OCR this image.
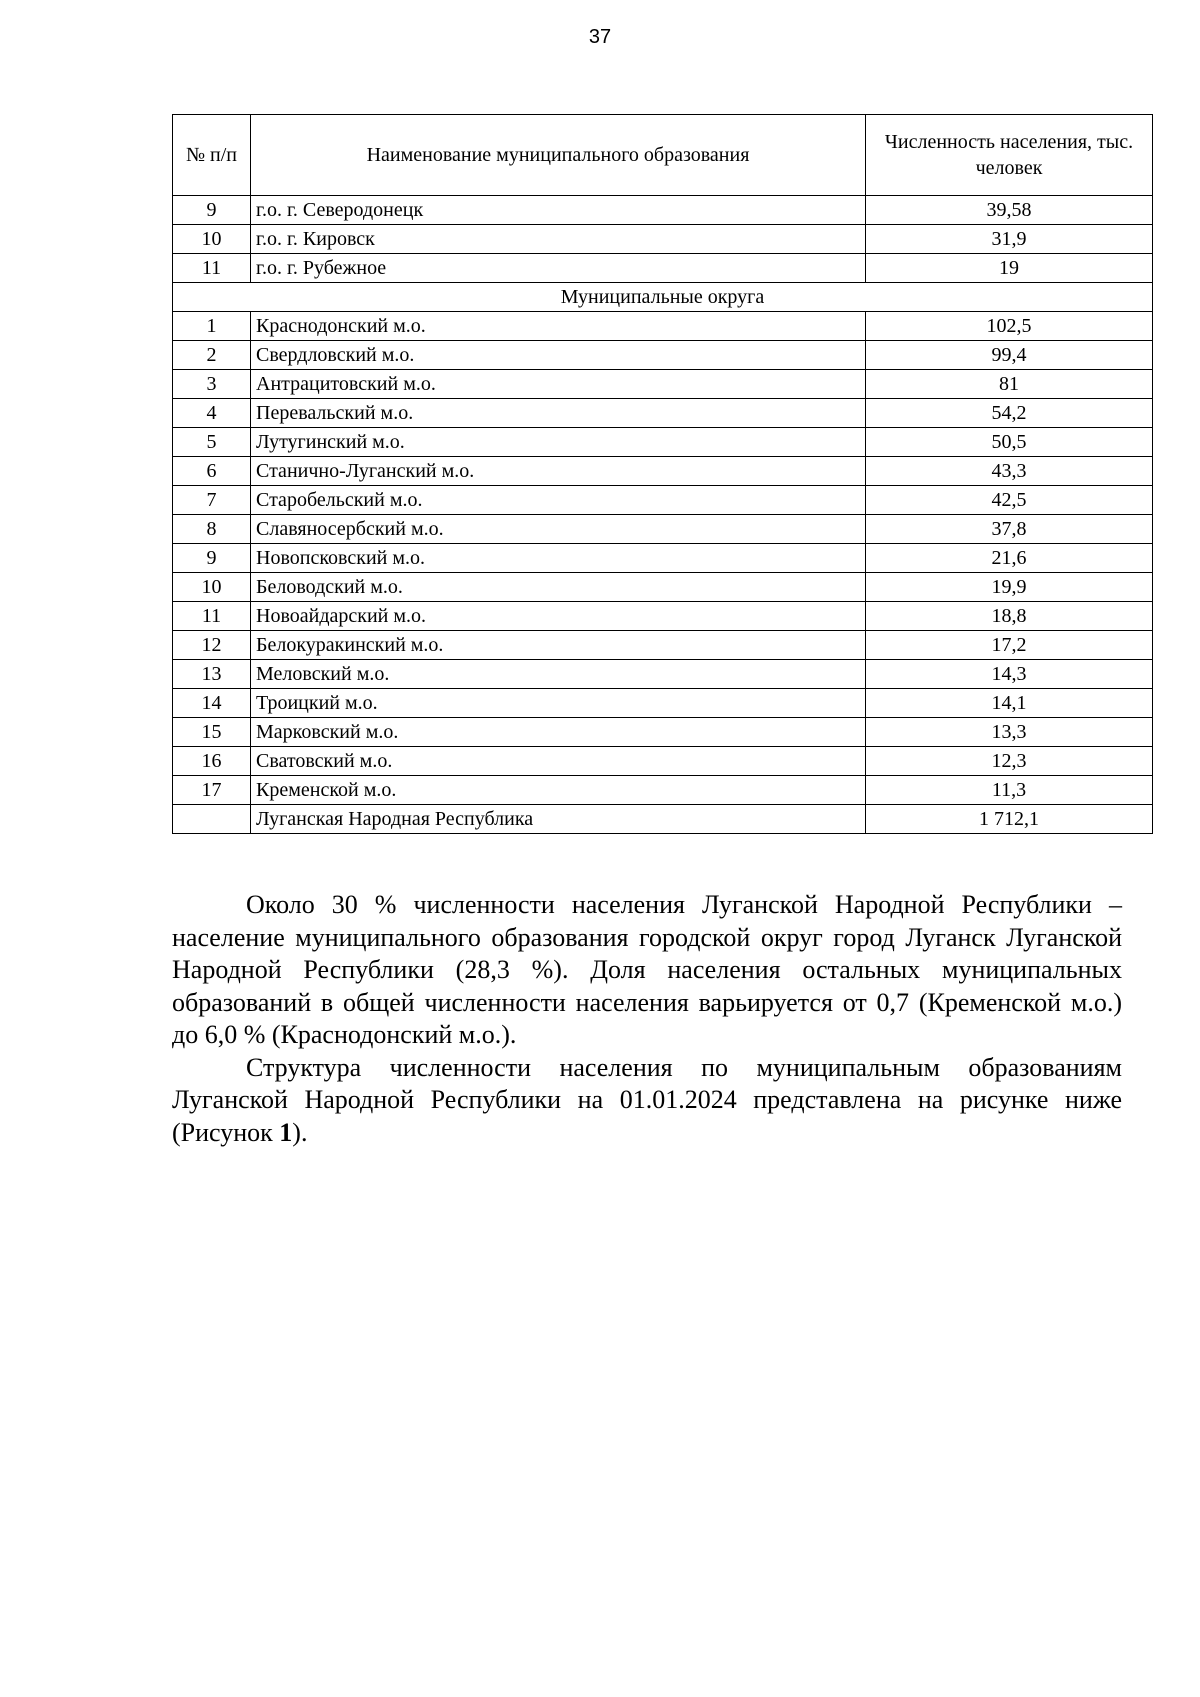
37
№ п/п	Наименование муниципального образования	Численность населения, тыс. человек
9	г.о. г. Северодонецк	39,58
10	г.о. г. Кировск	31,9
11	г.о. г. Рубежное	19
Муниципальные округа		
1	Краснодонский м.о.	102,5
2	Свердловский м.о.	99,4
3	Антрацитовский м.о.	81
4	Перевальский м.о.	54,2
5	Лутугинский м.о.	50,5
6	Станично-Луганский м.о.	43,3
7	Старобельский м.о.	42,5
8	Славяносербский м.о.	37,8
9	Новопсковский м.о.	21,6
10	Беловодский м.о.	19,9
11	Новоайдарский м.о.	18,8
12	Белокуракинский м.о.	17,2
13	Меловский м.о.	14,3
14	Троицкий м.о.	14,1
15	Марковский м.о.	13,3
16	Сватовский м.о.	12,3
17	Кременской м.о.	11,3
	Луганская Народная Республика	1 712,1

Около 30 % численности населения Луганской Народной Республики – население муниципального образования городской округ город Луганск Луганской Народной Республики (28,3 %). Доля населения остальных муниципальных образований в общей численности населения варьируется от 0,7 (Кременской м.о.) до 6,0 % (Краснодонский м.о.).

Структура численности населения по муниципальным образованиям Луганской Народной Республики на 01.01.2024 представлена на рисунке ниже (Рисунок 1).
